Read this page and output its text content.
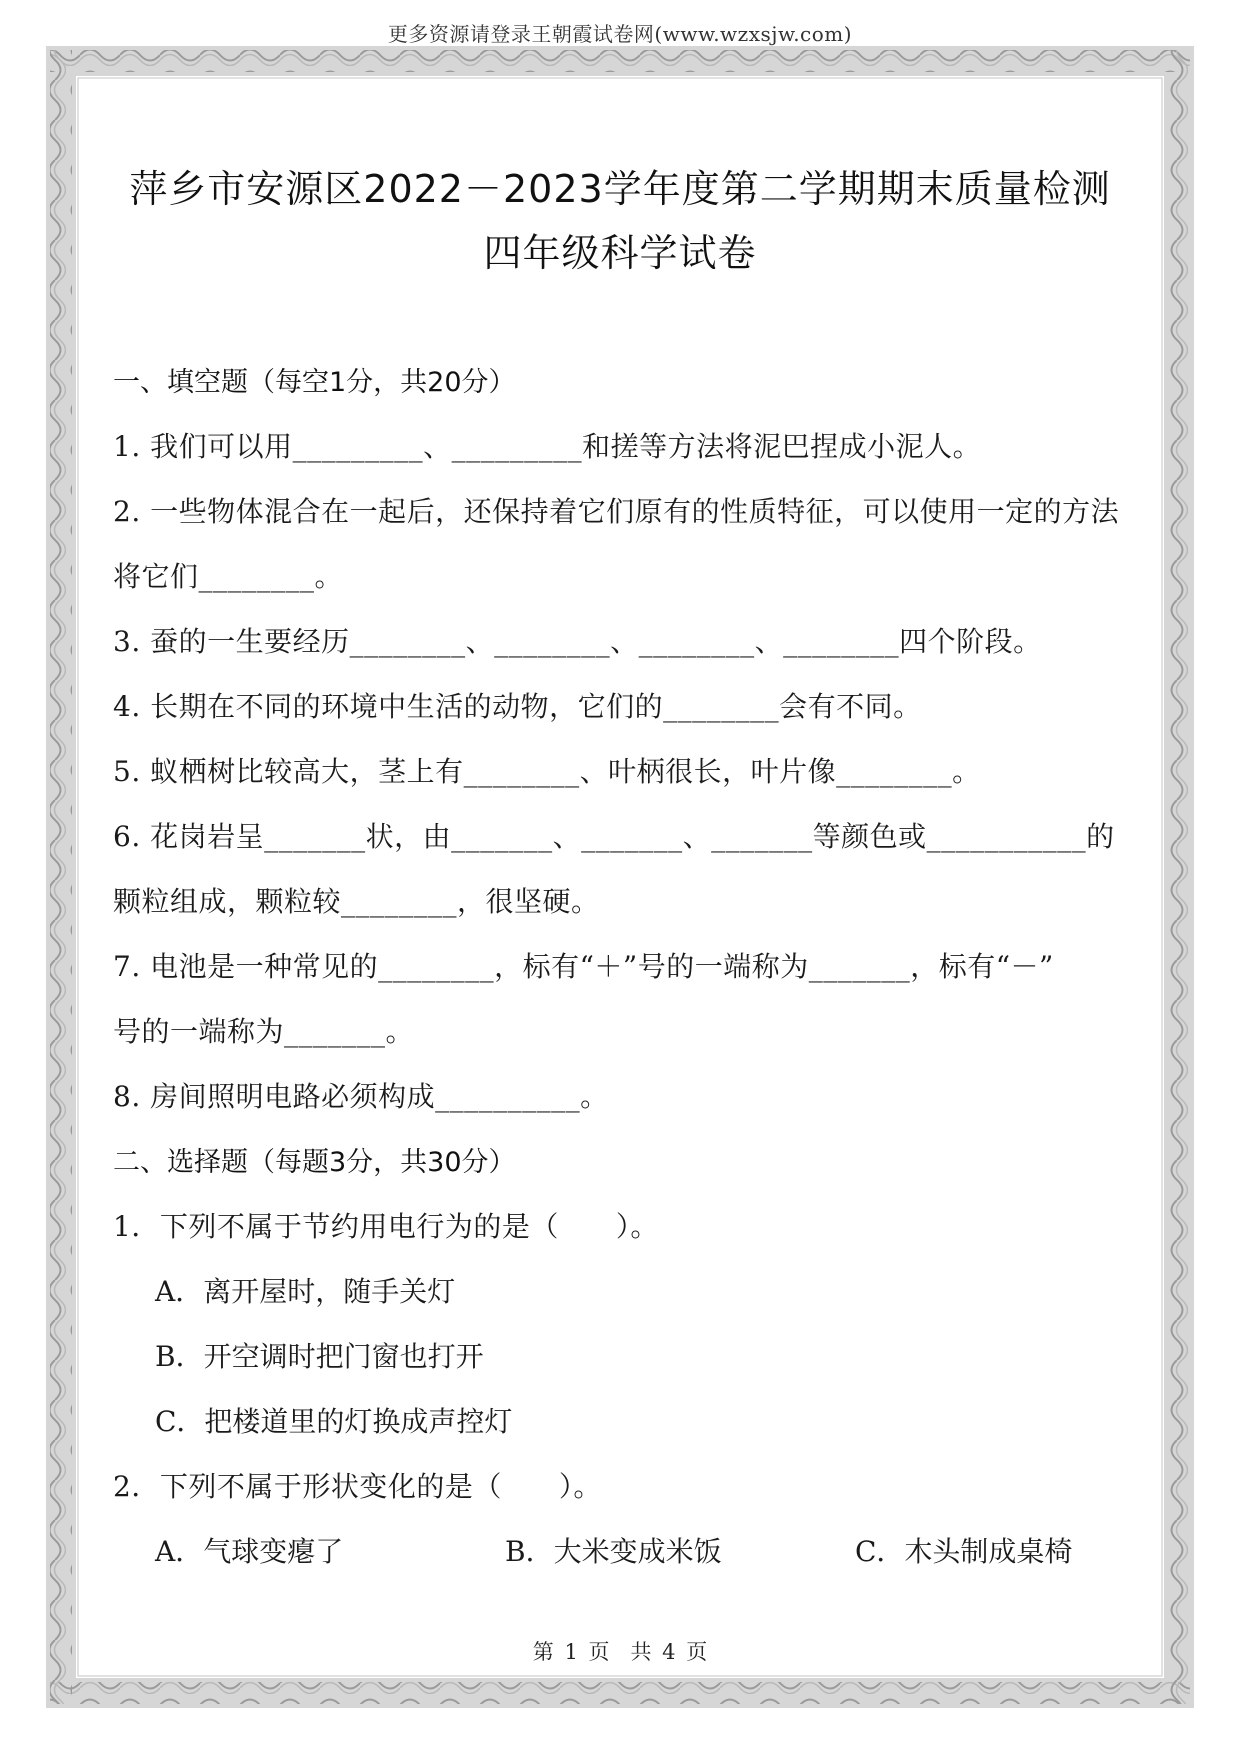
更多资源请登录王朝霞试卷网(www.wzxsjw.com)
萍乡市安源区2022－2023学年度第二学期期末质量检测
四年级科学试卷
一、填空题（每空1分，共20分）
1. 我们可以用_________、_________和搓等方法将泥巴捏成小泥人。
2. 一些物体混合在一起后，还保持着它们原有的性质特征，可以使用一定的方法
将它们________。
3. 蚕的一生要经历________、________、________、________四个阶段。
4. 长期在不同的环境中生活的动物，它们的________会有不同。
5. 蚁栖树比较高大，茎上有________、叶柄很长，叶片像________。
6. 花岗岩呈_______状，由_______、_______、_______等颜色或___________的
颗粒组成，颗粒较________，很坚硬。
7. 电池是一种常见的________，标有“＋”号的一端称为_______，标有“－”
号的一端称为_______。
8. 房间照明电路必须构成__________。
二、选择题（每题3分，共30分）
1．下列不属于节约用电行为的是（　　）。
A．离开屋时，随手关灯
B．开空调时把门窗也打开
C．把楼道里的灯换成声控灯
2．下列不属于形状变化的是（　　）。
A．气球变瘪了	B．大米变成米饭	C．木头制成桌椅
第 1 页　共 4 页
